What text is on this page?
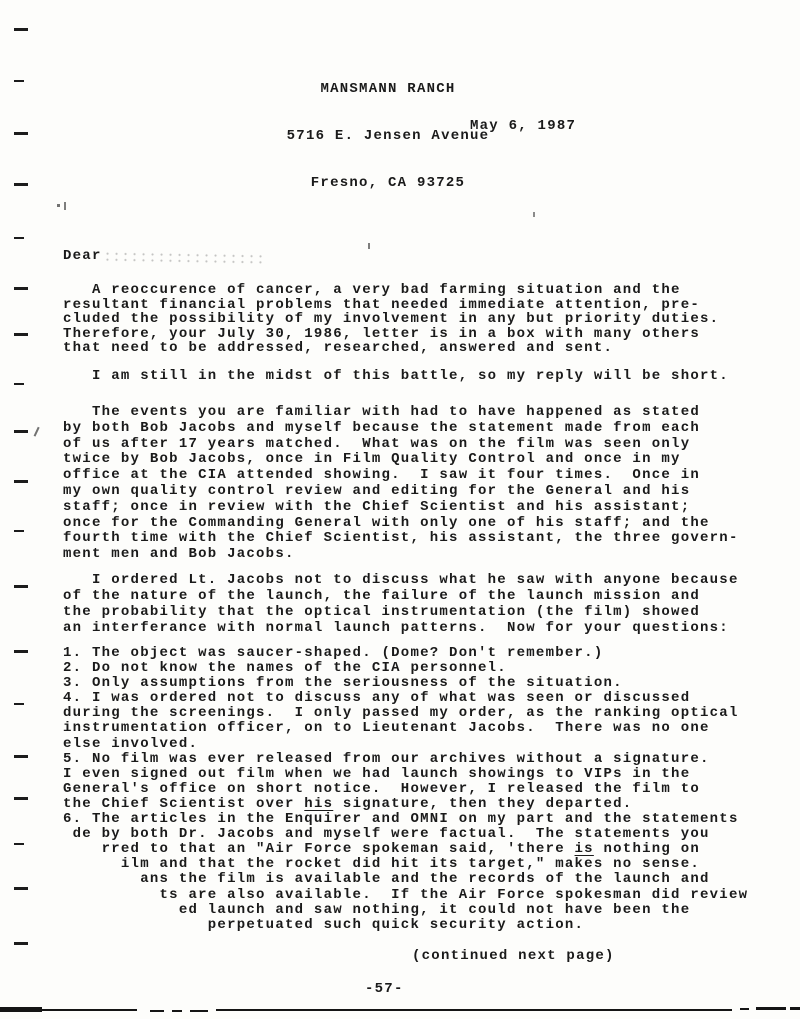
MANSMANN RANCH

5716 E. Jensen Avenue

Fresno, CA 93725

May 6, 1987
Dear
A reoccurence of cancer, a very bad farming situation and the
resultant financial problems that needed immediate attention, pre-
cluded the possibility of my involvement in any but priority duties.
Therefore, your July 30, 1986, letter is in a box with many others
that need to be addressed, researched, answered and sent.
I am still in the midst of this battle, so my reply will be short.
The events you are familiar with had to have happened as stated
by both Bob Jacobs and myself because the statement made from each
of us after 17 years matched.  What was on the film was seen only
twice by Bob Jacobs, once in Film Quality Control and once in my
office at the CIA attended showing.  I saw it four times.  Once in
my own quality control review and editing for the General and his
staff; once in review with the Chief Scientist and his assistant;
once for the Commanding General with only one of his staff; and the
fourth time with the Chief Scientist, his assistant, the three govern-
ment men and Bob Jacobs.
I ordered Lt. Jacobs not to discuss what he saw with anyone because
of the nature of the launch, the failure of the launch mission and
the probability that the optical instrumentation (the film) showed
an interferance with normal launch patterns.  Now for your questions:
1. The object was saucer-shaped. (Dome? Don't remember.)
2. Do not know the names of the CIA personnel.
3. Only assumptions from the seriousness of the situation.
4. I was ordered not to discuss any of what was seen or discussed
during the screenings.  I only passed my order, as the ranking optical
instrumentation officer, on to Lieutenant Jacobs.  There was no one
else involved.
5. No film was ever released from our archives without a signature.
I even signed out film when we had launch showings to VIPs in the
General's office on short notice.  However, I released the film to
the Chief Scientist over his signature, then they departed.
6. The articles in the Enquirer and OMNI on my part and the statements
de by both Dr. Jacobs and myself were factual.  The statements you
rred to that an "Air Force spokeman said, 'there is nothing on
ilm and that the rocket did hit its target," makes no sense.
ans the film is available and the records of the launch and
ts are also available.  If the Air Force spokesman did review
ed launch and saw nothing, it could not have been the
perpetuated such quick security action.
(continued next page)
-57-
